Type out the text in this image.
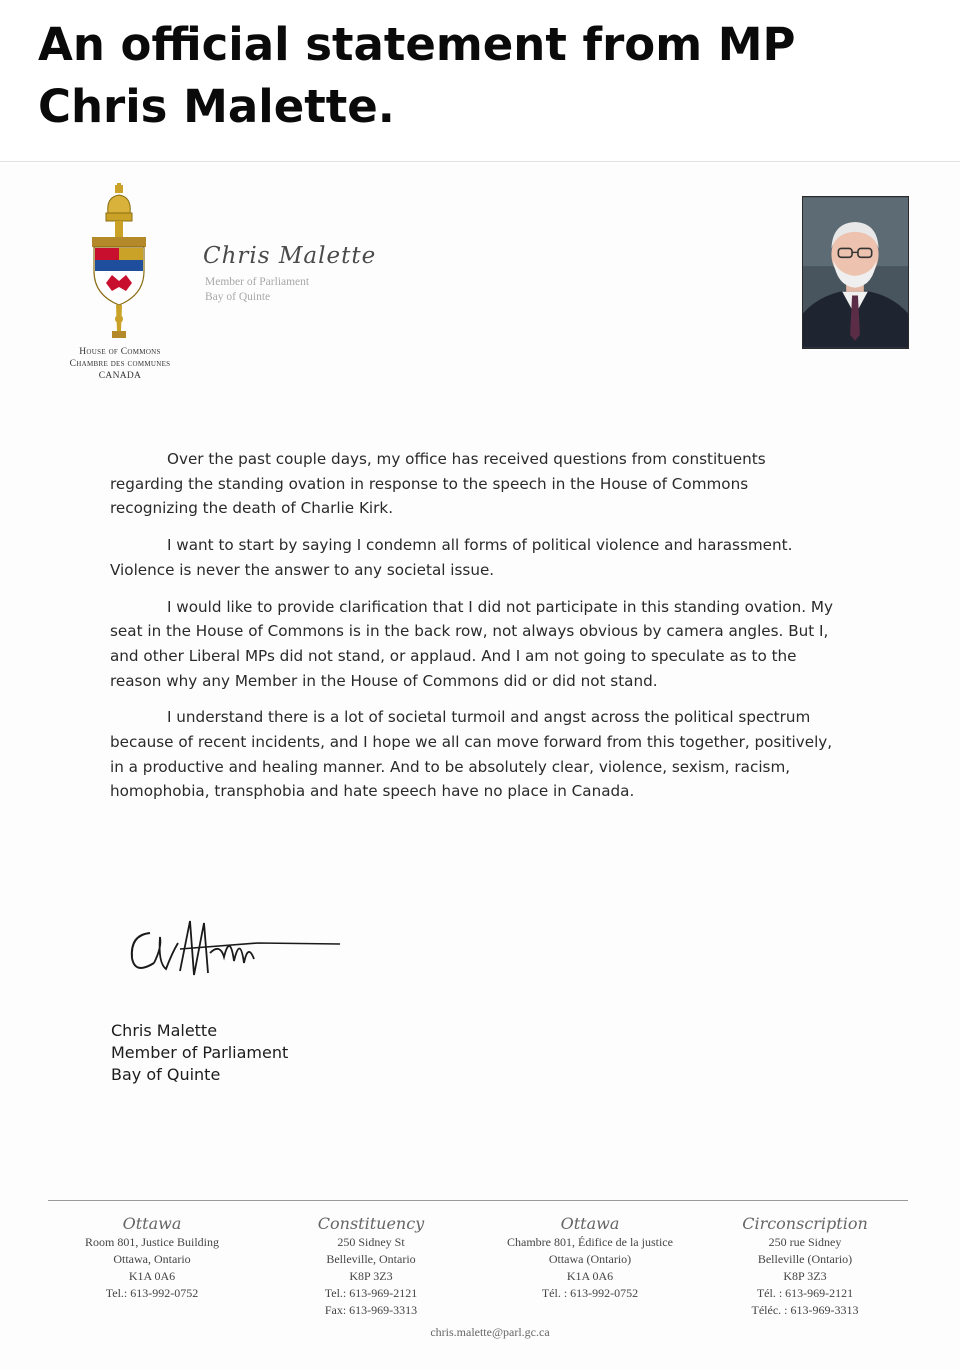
An official statement from MP Chris Malette.
House of Commons
Chambre des communes
CANADA
Chris Malette
Member of Parliament
Bay of Quinte

Over the past couple days, my office has received questions from constituents regarding the standing ovation in response to the speech in the House of Commons recognizing the death of Charlie Kirk.

I want to start by saying I condemn all forms of political violence and harassment. Violence is never the answer to any societal issue.

I would like to provide clarification that I did not participate in this standing ovation. My seat in the House of Commons is in the back row, not always obvious by camera angles. But I, and other Liberal MPs did not stand, or applaud. And I am not going to speculate as to the reason why any Member in the House of Commons did or did not stand.

I understand there is a lot of societal turmoil and angst across the political spectrum because of recent incidents, and I hope we all can move forward from this together, positively, in a productive and healing manner. And to be absolutely clear, violence, sexism, racism, homophobia, transphobia and hate speech have no place in Canada.

Chris Malette
Member of Parliament
Bay of Quinte
Ottawa
Room 801, Justice Building
Ottawa, Ontario
K1A 0A6
Tel.: 613-992-0752
Constituency
250 Sidney St
Belleville, Ontario
K8P 3Z3
Tel.: 613-969-2121
Fax: 613-969-3313
Ottawa
Chambre 801, Édifice de la justice
Ottawa (Ontario)
K1A 0A6
Tél. : 613-992-0752
Circonscription
250 rue Sidney
Belleville (Ontario)
K8P 3Z3
Tél. : 613-969-2121
Téléc. : 613-969-3313
chris.malette@parl.gc.ca
